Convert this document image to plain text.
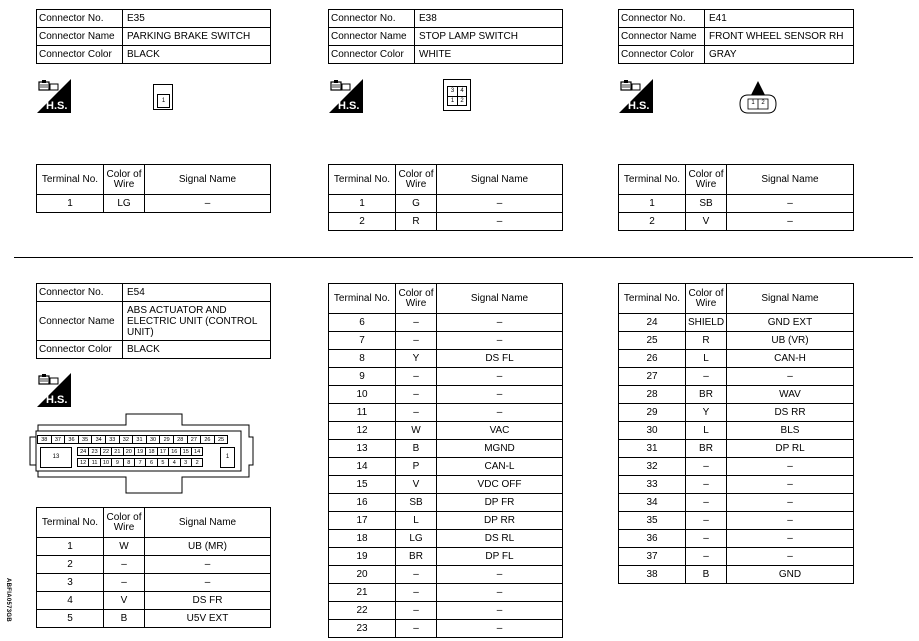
Connector No.	E35
Connector Name	PARKING BRAKE SWITCH
Connector Color	BLACK
H.S.	1
Terminal No.	Color of Wire	Signal Name
1	LG	–
Connector No.	E38
Connector Name	STOP LAMP SWITCH
Connector Color	WHITE
H.S.
3	4
1	2
Terminal No.	Color of Wire	Signal Name
1	G	–
2	R	–
Connector No.	E41
Connector Name	FRONT WHEEL SENSOR RH
Connector Color	GRAY
H.S.	1	2
Terminal No.	Color of Wire	Signal Name
1	SB	–
2	V	–
Connector No.	E54
Connector Name	ABS ACTUATOR AND ELECTRIC UNIT (CONTROL UNIT)
Connector Color	BLACK
H.S.
38	37	36	35	34	33	32	31	30	29	28	27	26	25
24 23 22 21 20 19 18 17 16 15 14
12 11 10	9	8	7	6	5	4	3	2
13	1
Terminal No.	Color of Wire	Signal Name
1	W	UB (MR)
2	–	–
3	–	–
4	V	DS FR
5	B	U5V EXT
Terminal No.	Color of Wire	Signal Name
6	–	–
7	–	–
8	Y	DS FL
9	–	–
10	–	–
11	–	–
12	W	VAC
13	B	MGND
14	P	CAN-L
15	V	VDC OFF
16	SB	DP FR
17	L	DP RR
18	LG	DS RL
19	BR	DP FL
20	–	–
21	–	–
22	–	–
23	–	–
Terminal No.	Color of Wire	Signal Name
24	SHIELD	GND EXT
25	R	UB (VR)
26	L	CAN-H
27	–	–
28	BR	WAV
29	Y	DS RR
30	L	BLS
31	BR	DP RL
32	–	–
33	–	–
34	–	–
35	–	–
36	–	–
37	–	–
38	B	GND
ABFIA0573GB
